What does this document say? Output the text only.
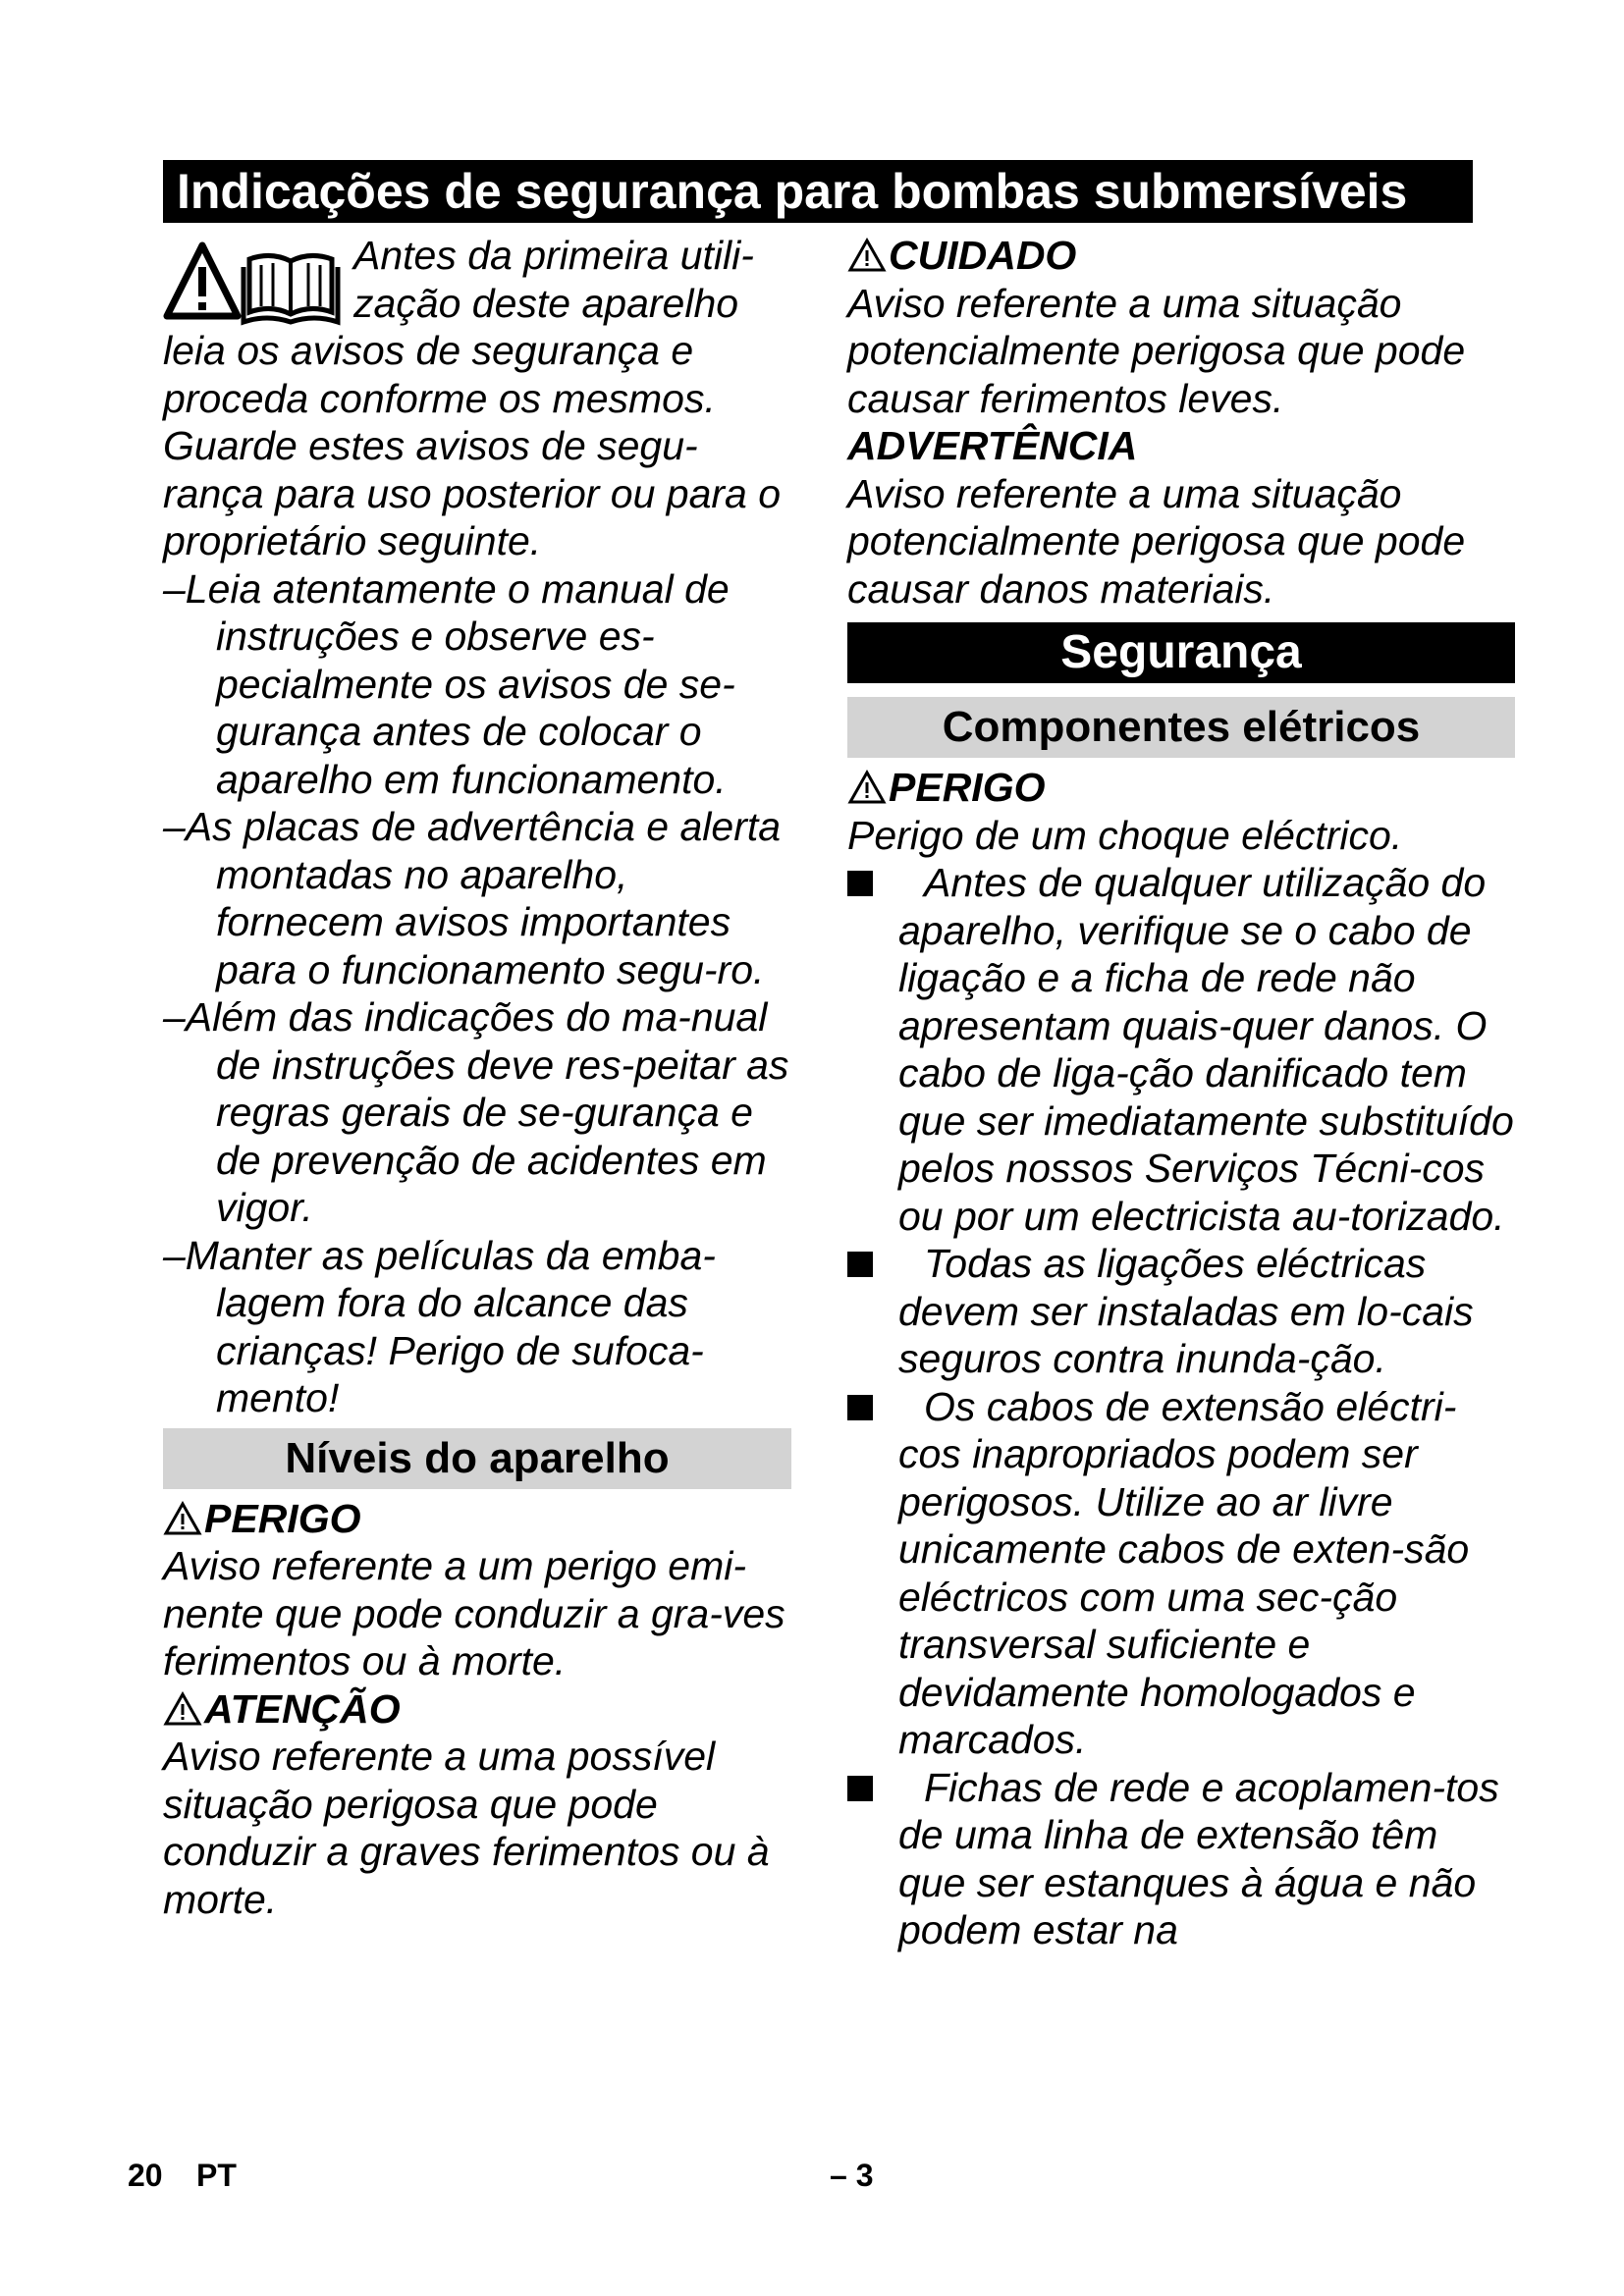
Indicações de segurança para bombas submersíveis
Antes da primeira utili-
zação deste aparelho

leia os avisos de segurança e proceda conforme os mesmos. Guarde estes avisos de segu-rança para uso posterior ou para o proprietário seguinte.

–Leia atentamente o manual de instruções e observe es-pecialmente os avisos de se-gurança antes de colocar o aparelho em funcionamento.

–As placas de advertência e alerta montadas no aparelho, fornecem avisos importantes para o funcionamento segu-ro.

–Além das indicações do ma-nual de instruções deve res-peitar as regras gerais de se-gurança e de prevenção de acidentes em vigor.

–Manter as películas da emba-lagem fora do alcance das crianças! Perigo de sufoca-mento!

Níveis do aparelho
PERIGO

Aviso referente a um perigo emi-nente que pode conduzir a gra-ves ferimentos ou à morte.

ATENÇÃO

Aviso referente a uma possível situação perigosa que pode conduzir a graves ferimentos ou à morte.

CUIDADO

Aviso referente a uma situação potencialmente perigosa que pode causar ferimentos leves.

ADVERTÊNCIA

Aviso referente a uma situação potencialmente perigosa que pode causar danos materiais.

Segurança
Componentes elétricos
PERIGO

Perigo de um choque eléctrico.

Antes de qualquer utilização do aparelho, verifique se o cabo de ligação e a ficha de rede não apresentam quais-quer danos. O cabo de liga-ção danificado tem que ser imediatamente substituído pelos nossos Serviços Técni-cos ou por um electricista au-torizado.

Todas as ligações eléctricas devem ser instaladas em lo-cais seguros contra inunda-ção.

Os cabos de extensão eléctri-cos inapropriados podem ser perigosos. Utilize ao ar livre unicamente cabos de exten-são eléctricos com uma sec-ção transversal suficiente e devidamente homologados e marcados.

Fichas de rede e acoplamen-tos de uma linha de extensão têm que ser estanques à água e não podem estar na

20 PT	– 3
